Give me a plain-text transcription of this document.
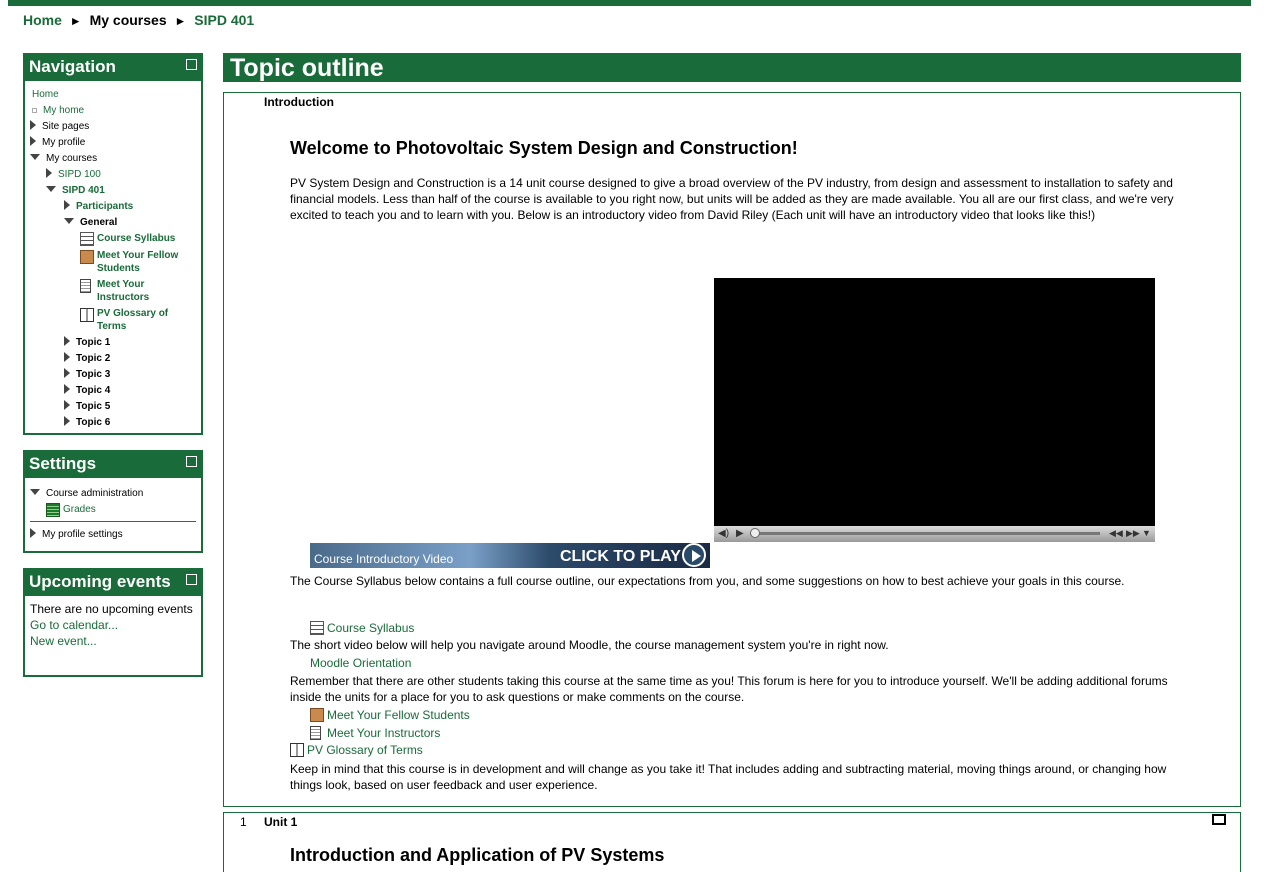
Home ► My courses ► SIPD 401
Navigation
Home
My home
Site pages
My profile
My courses
SIPD 100
SIPD 401
Participants
General
Course Syllabus
Meet Your Fellow
Students
Meet Your
Instructors
PV Glossary of
Terms
Topic 1
Topic 2
Topic 3
Topic 4
Topic 5
Topic 6
Settings
Course administration
Grades
My profile settings
Upcoming events
There are no upcoming events
Go to calendar...
New event...
Topic outline
Introduction
Welcome to Photovoltaic System Design and Construction!
PV System Design and Construction is a 14 unit course designed to give a broad overview of the PV industry, from design and assessment to installation to safety and financial models. Less than half of the course is available to you right now, but units will be added as they are made available. You all are our first class, and we're very excited to teach you and to learn with you. Below is an introductory video from David Riley (Each unit will have an introductory video that looks like this!)
◀) ▶	◀◀ ▶▶ ▼
Course Introductory Video	CLICK TO PLAY
The Course Syllabus below contains a full course outline, our expectations from you, and some suggestions on how to best achieve your goals in this course.
Course Syllabus
The short video below will help you navigate around Moodle, the course management system you're in right now.
Moodle Orientation
Remember that there are other students taking this course at the same time as you! This forum is here for you to introduce yourself. We'll be adding additional forums inside the units for a place for you to ask questions or make comments on the course.
Meet Your Fellow Students
Meet Your Instructors
PV Glossary of Terms
Keep in mind that this course is in development and will change as you take it! That includes adding and subtracting material, moving things around, or changing how things look, based on user feedback and user experience.
1 Unit 1
Introduction and Application of PV Systems
